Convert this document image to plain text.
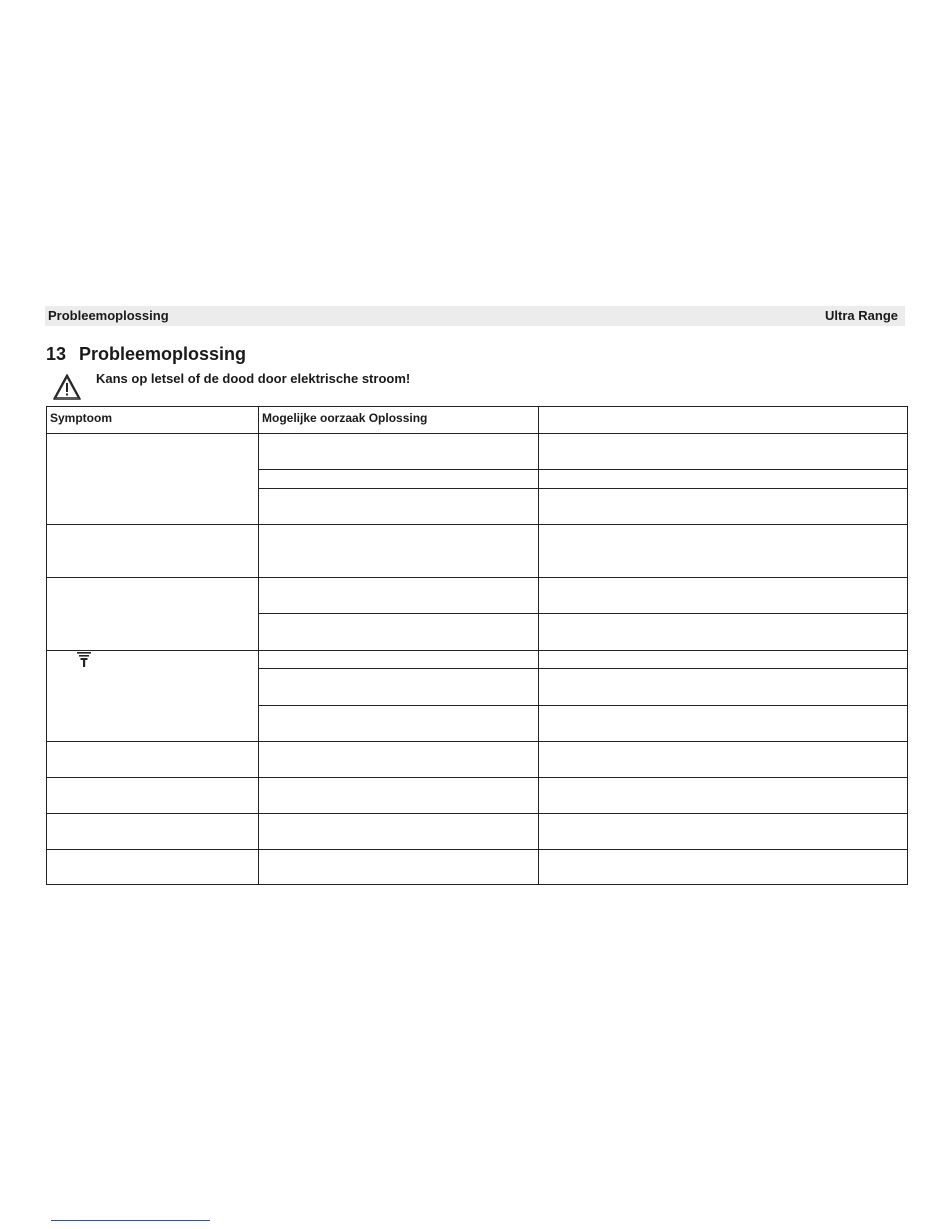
Probleemoplossing	Ultra Range
13 Probleemoplossing
Kans op letsel of de dood door elektrische stroom!
Symptoom	Mogelijke oorzaak Oplossing
